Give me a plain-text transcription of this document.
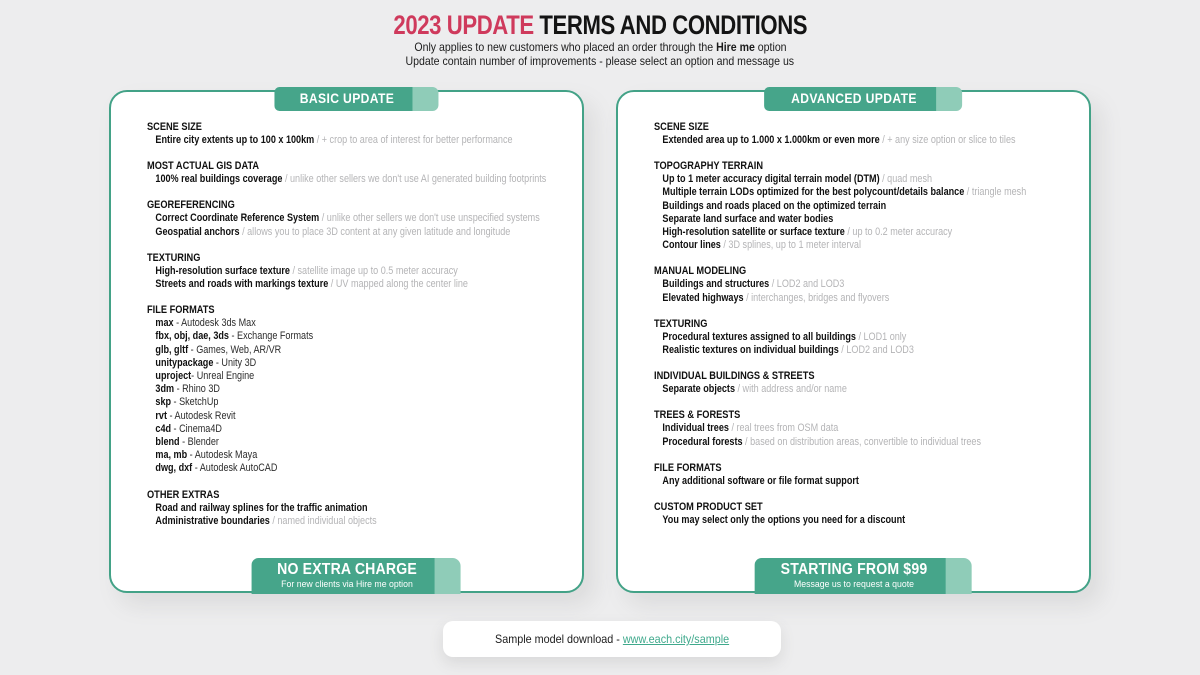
2023 UPDATE TERMS AND CONDITIONS
Only applies to new customers who placed an order through the Hire me option
Update contain number of improvements - please select an option and message us
BASIC UPDATE
SCENE SIZE
Entire city extents up to 100 x 100km / + crop to area of interest for better performance
MOST ACTUAL GIS DATA
100% real buildings coverage / unlike other sellers we don't use AI generated building footprints
GEOREFERENCING
Correct Coordinate Reference System / unlike other sellers we don't use unspecified systems
Geospatial anchors / allows you to place 3D content at any given latitude and longitude
TEXTURING
High-resolution surface texture / satellite image up to 0.5 meter accuracy
Streets and roads with markings texture / UV mapped along the center line
FILE FORMATS
max - Autodesk 3ds Max
fbx, obj, dae, 3ds - Exchange Formats
glb, gltf - Games, Web, AR/VR
unitypackage - Unity 3D
uproject- Unreal Engine
3dm - Rhino 3D
skp - SketchUp
rvt - Autodesk Revit
c4d - Cinema4D
blend - Blender
ma, mb - Autodesk Maya
dwg, dxf - Autodesk AutoCAD
OTHER EXTRAS
Road and railway splines for the traffic animation
Administrative boundaries / named individual objects
NO EXTRA CHARGE
For new clients via Hire me option
ADVANCED UPDATE
SCENE SIZE
Extended area up to 1.000 x 1.000km or even more / + any size option or slice to tiles
TOPOGRAPHY TERRAIN
Up to 1 meter accuracy digital terrain model (DTM) / quad mesh
Multiple terrain LODs optimized for the best polycount/details balance / triangle mesh
Buildings and roads placed on the optimized terrain
Separate land surface and water bodies
High-resolution satellite or surface texture / up to 0.2 meter accuracy
Contour lines / 3D splines, up to 1 meter interval
MANUAL MODELING
Buildings and structures / LOD2 and LOD3
Elevated highways / interchanges, bridges and flyovers
TEXTURING
Procedural textures assigned to all buildings / LOD1 only
Realistic textures on individual buildings / LOD2 and LOD3
INDIVIDUAL BUILDINGS & STREETS
Separate objects / with address and/or name
TREES & FORESTS
Individual trees / real trees from OSM data
Procedural forests / based on distribution areas, convertible to individual trees
FILE FORMATS
Any additional software or file format support
CUSTOM PRODUCT SET
You may select only the options you need for a discount
STARTING FROM $99
Message us to request a quote
Sample model download - www.each.city/sample
